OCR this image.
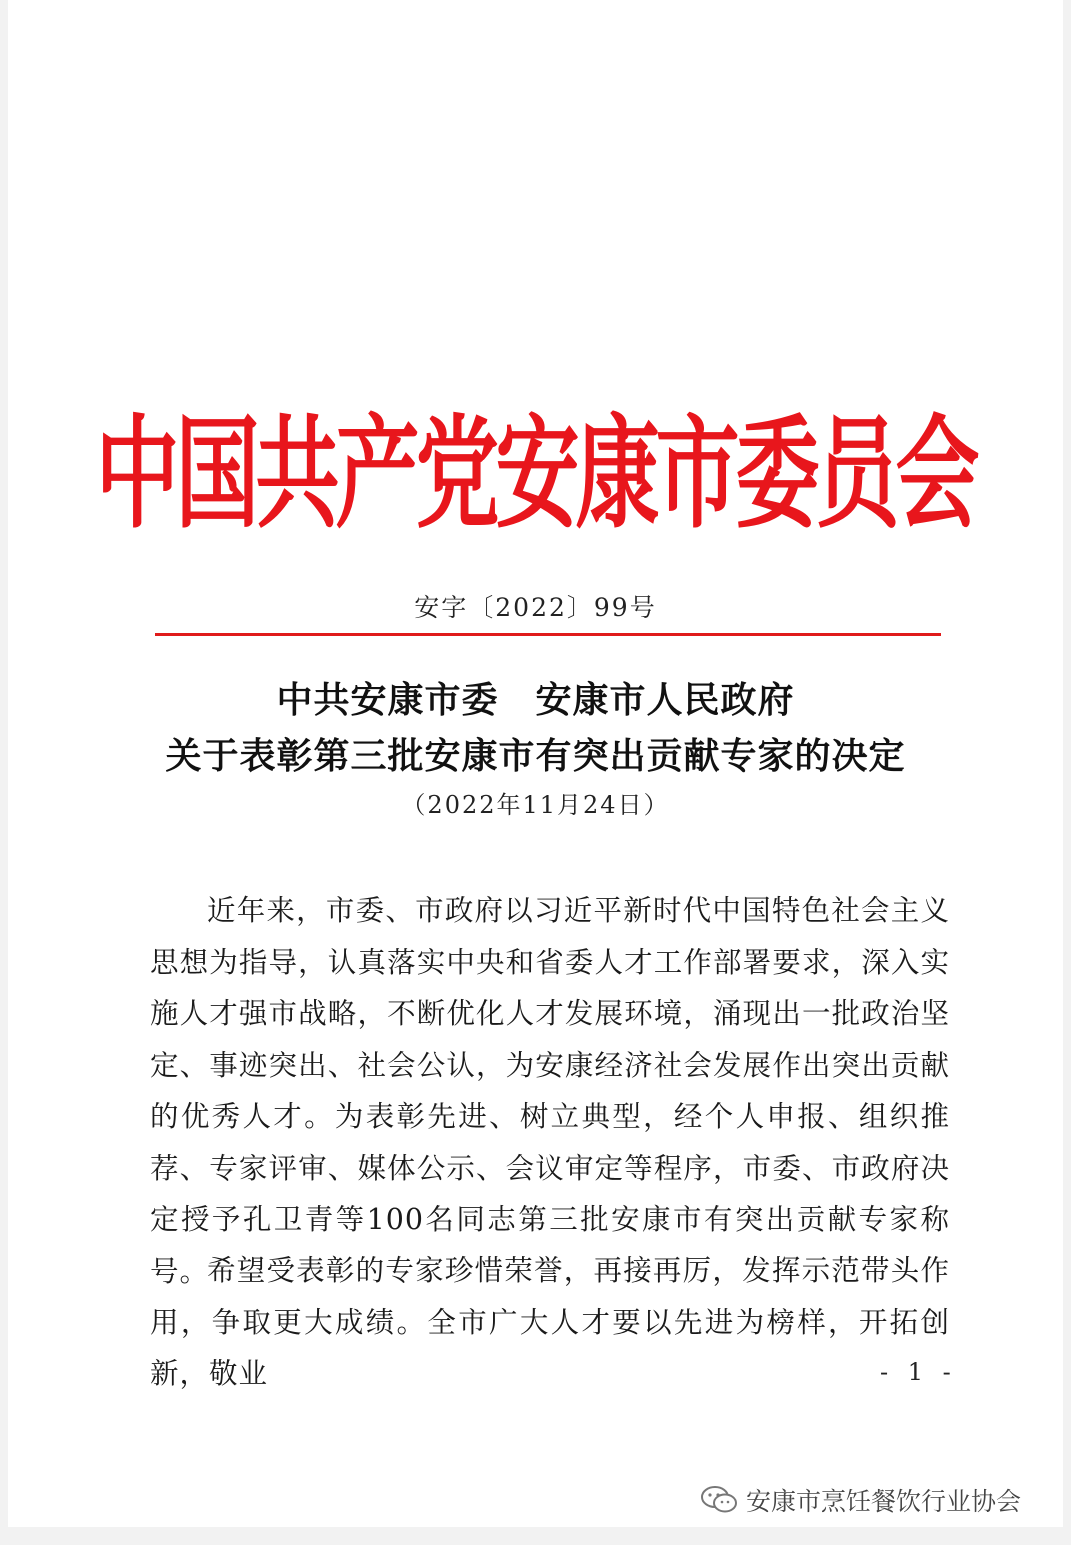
中国共产党安康市委员会
安字〔2022〕99号
中共安康市委　安康市人民政府
关于表彰第三批安康市有突出贡献专家的决定
（2022年11月24日）
近年来，市委、市政府以习近平新时代中国特色社会主义思想为指导，认真落实中央和省委人才工作部署要求，深入实施人才强市战略，不断优化人才发展环境，涌现出一批政治坚定、事迹突出、社会公认，为安康经济社会发展作出突出贡献的优秀人才。为表彰先进、树立典型，经个人申报、组织推荐、专家评审、媒体公示、会议审定等程序，市委、市政府决定授予孔卫青等100名同志第三批安康市有突出贡献专家称号。
希望受表彰的专家珍惜荣誉，再接再厉，发挥示范带头作用，争取更大成绩。全市广大人才要以先进为榜样，开拓创新，敬业	- 1 -
安康市烹饪餐饮行业协会
